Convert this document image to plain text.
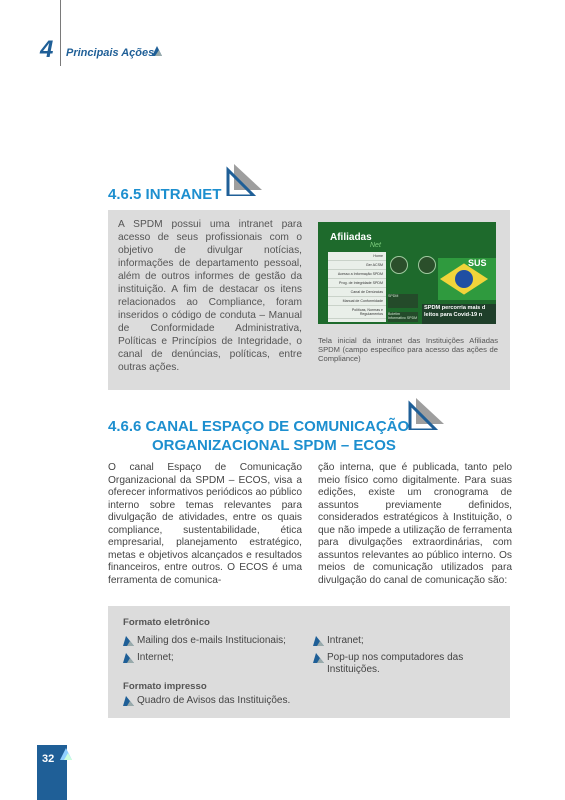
4 Principais Ações
4.6.5 INTRANET

A SPDM possui uma intranet para acesso de seus profissionais com o objetivo de divulgar notícias, informações de departamento pessoal, além de outros informes de gestão da instituição. A fim de destacar os itens relacionados ao Compliance, foram inseridos o código de conduta – Manual de Conformidade Administrativa, Políticas e Princípios de Integridade, o canal de denúncias, políticas, entre outras ações.

Afiliadas
Net
Home
Ger ACSM
Acesso a Informação SPDM
Prog. de Integridade SPDM
Canal de Denúncias
Manual de Conformidade
Políticas, Normas e Regulamentos
SUS
SPDM
Boletim Informativo SPDM
SPDM percorria mais d leitos para Covid-19 n

Tela inicial da intranet das Instituições Afiliadas SPDM (campo específico para acesso das ações de Compliance)

4.6.6 CANAL ESPAÇO DE COMUNICAÇÃO
ORGANIZACIONAL SPDM – ECOS

O canal Espaço de Comunicação Organizacional da SPDM – ECOS, visa a oferecer informativos periódicos ao público interno sobre temas relevantes para divulgação de atividades, entre os quais compliance, sustentabilidade, ética empresarial, planejamento estratégico, metas e objetivos alcançados e resultados financeiros, entre outros. O ECOS é uma ferramenta de comunica-

ção interna, que é publicada, tanto pelo meio físico como digitalmente. Para suas edições, existe um cronograma de assuntos previamente definidos, considerados estratégicos à Instituição, o que não impede a utilização de ferramenta para divulgações extraordinárias, com assuntos relevantes ao público interno. Os meios de comunicação utilizados para divulgação do canal de comunicação são:

Formato eletrônico
Mailing dos e-mails Institucionais;
Internet;
Intranet;
Pop-up nos computadores das Instituições.
Formato impresso
Quadro de Avisos das Instituições.
32
